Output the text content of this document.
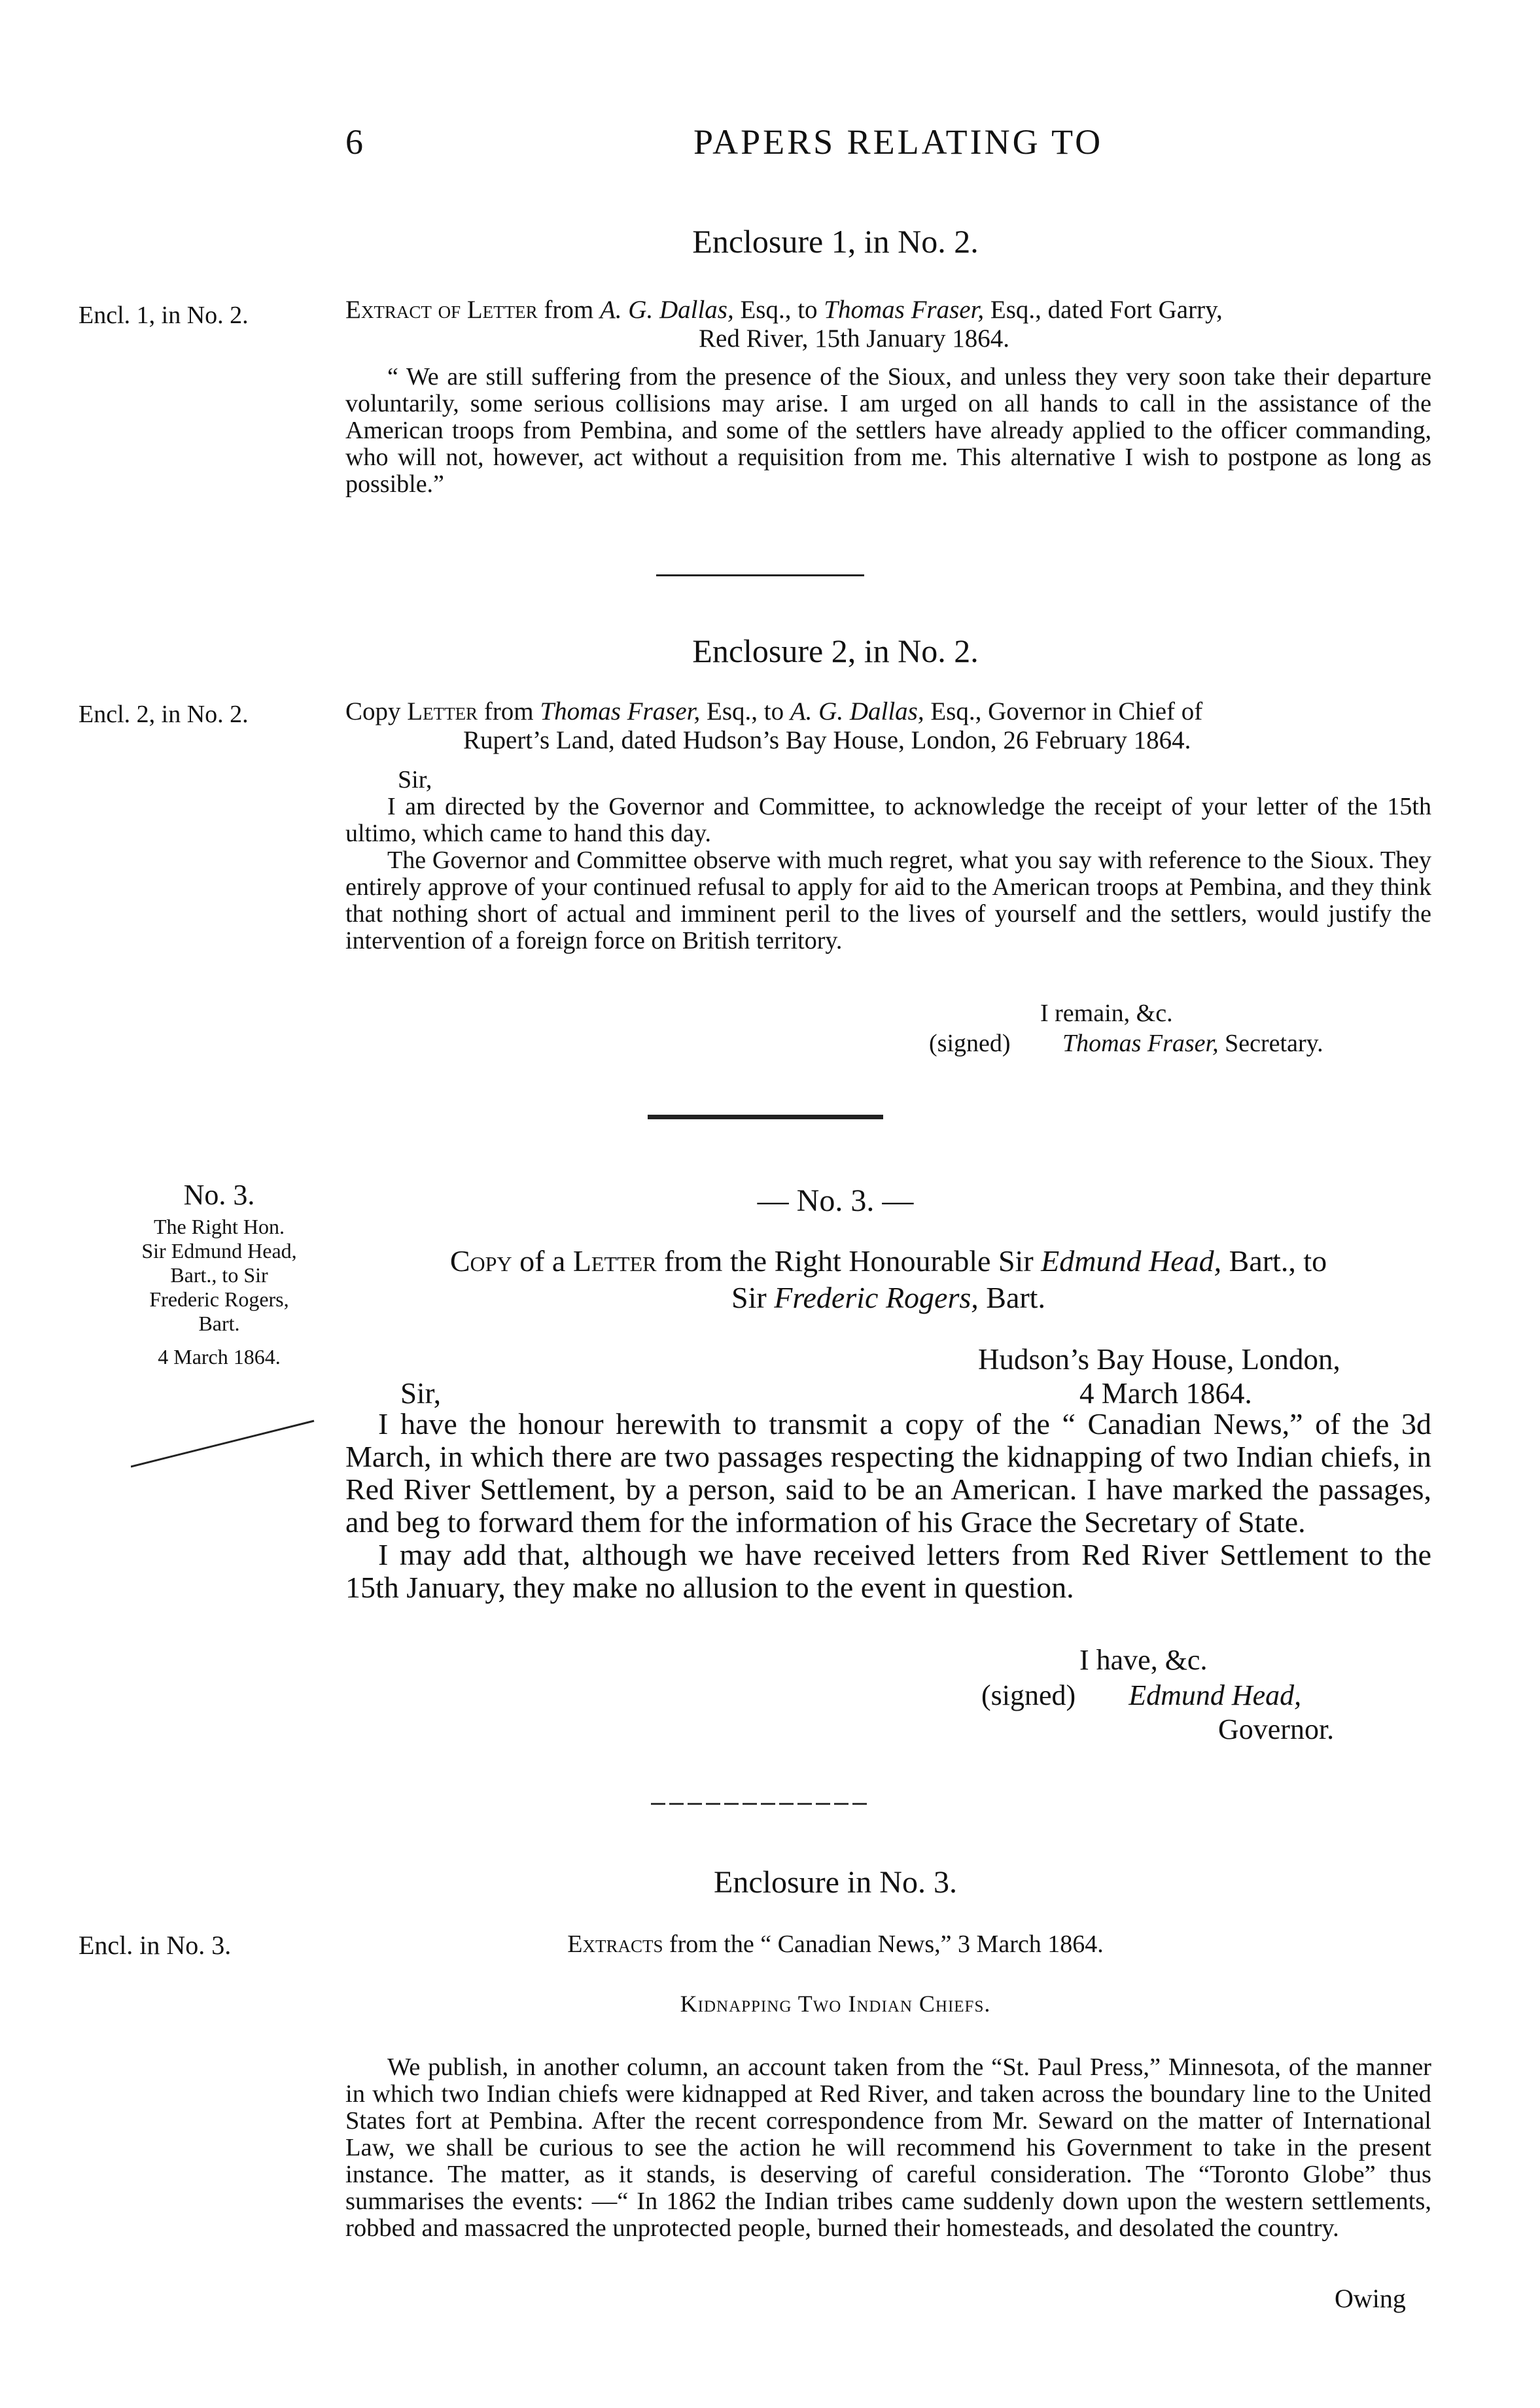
6	PAPERS RELATING TO
Enclosure 1, in No. 2.
Encl. 1, in No. 2.	Extract of Letter from A. G. Dallas, Esq., to Thomas Fraser, Esq., dated Fort Garry,
Red River, 15th January 1864.

“ We are still suffering from the presence of the Sioux, and unless they very soon take their departure voluntarily, some serious collisions may arise. I am urged on all hands to call in the assistance of the American troops from Pembina, and some of the settlers have already applied to the officer commanding, who will not, however, act without a requisition from me. This alternative I wish to postpone as long as possible.”

Enclosure 2, in No. 2.
Encl. 2, in No. 2.	Copy Letter from Thomas Fraser, Esq., to A. G. Dallas, Esq., Governor in Chief of
Rupert’s Land, dated Hudson’s Bay House, London, 26 February 1864.
Sir,

I am directed by the Governor and Committee, to acknowledge the receipt of your letter of the 15th ultimo, which came to hand this day.

The Governor and Committee observe with much regret, what you say with reference to the Sioux. They entirely approve of your continued refusal to apply for aid to the American troops at Pembina, and they think that nothing short of actual and imminent peril to the lives of yourself and the settlers, would justify the intervention of a foreign force on British territory.

I remain, &c.
(signed) Thomas Fraser, Secretary.
No. 3.
The Right Hon.
Sir Edmund Head,
Bart., to Sir
Frederic Rogers,
Bart.
4 March 1864.
— No. 3. —
Copy of a Letter from the Right Honourable Sir Edmund Head, Bart., to
Sir Frederic Rogers, Bart.
Hudson’s Bay House, London,
4 March 1864.
Sir,

I have the honour herewith to transmit a copy of the “ Canadian News,” of the 3d March, in which there are two passages respecting the kidnapping of two Indian chiefs, in Red River Settlement, by a person, said to be an American. I have marked the passages, and beg to forward them for the information of his Grace the Secretary of State.

I may add that, although we have received letters from Red River Settlement to the 15th January, they make no allusion to the event in question.

I have, &c.
(signed) Edmund Head,
Governor.
Enclosure in No. 3.
Encl. in No. 3.	Extracts from the “ Canadian News,” 3 March 1864.
Kidnapping Two Indian Chiefs.

We publish, in another column, an account taken from the “St. Paul Press,” Minnesota, of the manner in which two Indian chiefs were kidnapped at Red River, and taken across the boundary line to the United States fort at Pembina. After the recent correspondence from Mr. Seward on the matter of International Law, we shall be curious to see the action he will recommend his Government to take in the present instance. The matter, as it stands, is deserving of careful consideration. The “Toronto Globe” thus summarises the events: —“ In 1862 the Indian tribes came suddenly down upon the western settlements, robbed and massacred the unprotected people, burned their homesteads, and desolated the country.

Owing
